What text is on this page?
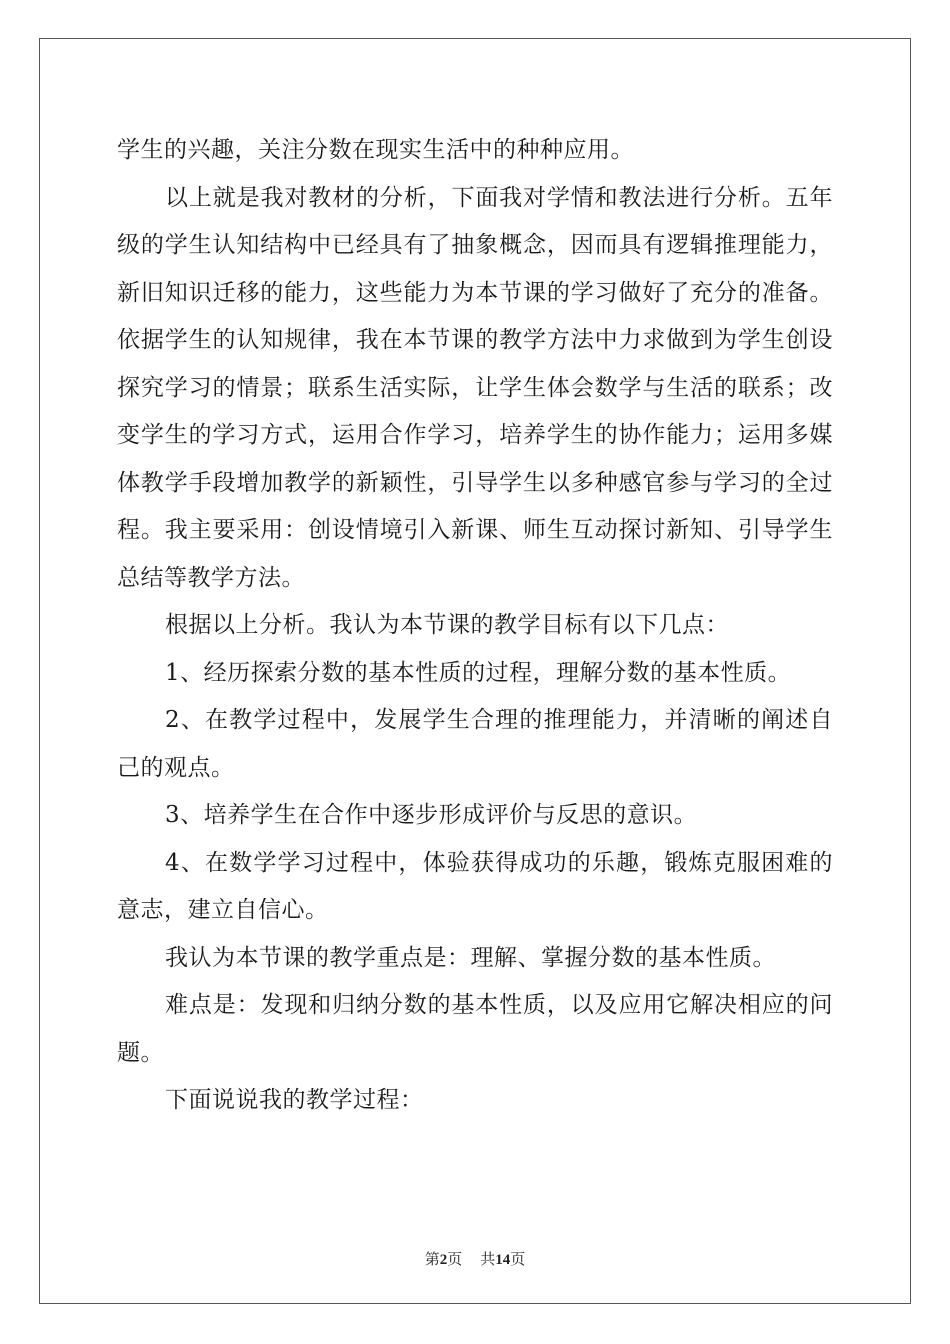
学生的兴趣，关注分数在现实生活中的种种应用。
以上就是我对教材的分析，下面我对学情和教法进行分析。五年
级的学生认知结构中已经具有了抽象概念，因而具有逻辑推理能力，
新旧知识迁移的能力，这些能力为本节课的学习做好了充分的准备。
依据学生的认知规律，我在本节课的教学方法中力求做到为学生创设
探究学习的情景；联系生活实际，让学生体会数学与生活的联系；改
变学生的学习方式，运用合作学习，培养学生的协作能力；运用多媒
体教学手段增加教学的新颖性，引导学生以多种感官参与学习的全过
程。我主要采用：创设情境引入新课、师生互动探讨新知、引导学生
总结等教学方法。
根据以上分析。我认为本节课的教学目标有以下几点：
1、经历探索分数的基本性质的过程，理解分数的基本性质。
2、在教学过程中，发展学生合理的推理能力，并清晰的阐述自
己的观点。
3、培养学生在合作中逐步形成评价与反思的意识。
4、在数学学习过程中，体验获得成功的乐趣，锻炼克服困难的
意志，建立自信心。
我认为本节课的教学重点是：理解、掌握分数的基本性质。
难点是：发现和归纳分数的基本性质，以及应用它解决相应的问
题。
下面说说我的教学过程：
第2页 共14页
